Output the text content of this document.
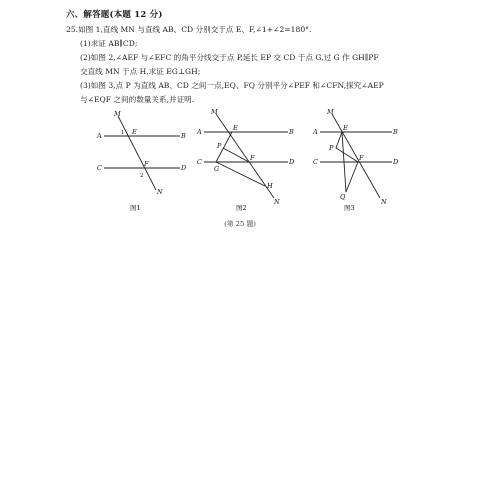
六、解答题(本题 12 分)
25.如图 1,直线 MN 与直线 AB、CD 分别交于点 E、F,∠1+∠2=180°.
(1)求证 AB∥CD;
(2)如图 2,∠AEF 与∠EFC 的角平分线交于点 P,延长 EP 交 CD 于点 G,过 G 作 GH∥PF
交直线 MN 于点 H,求证 EG⊥GH;
(3)如图 3,点 P 为直线 AB、CD 之间一点,EQ、FQ 分别平分∠PEF 和∠CFN,探究∠AEP
与∠EQF 之间的数量关系,并证明.
M
A	1 E	B
C	F	D
2
N
M
A	E	B
P
C
G
F	D
H
N
M
A	E	B
P
C	F	D
Q
N
图1	图2	图3
(第 25 题)
